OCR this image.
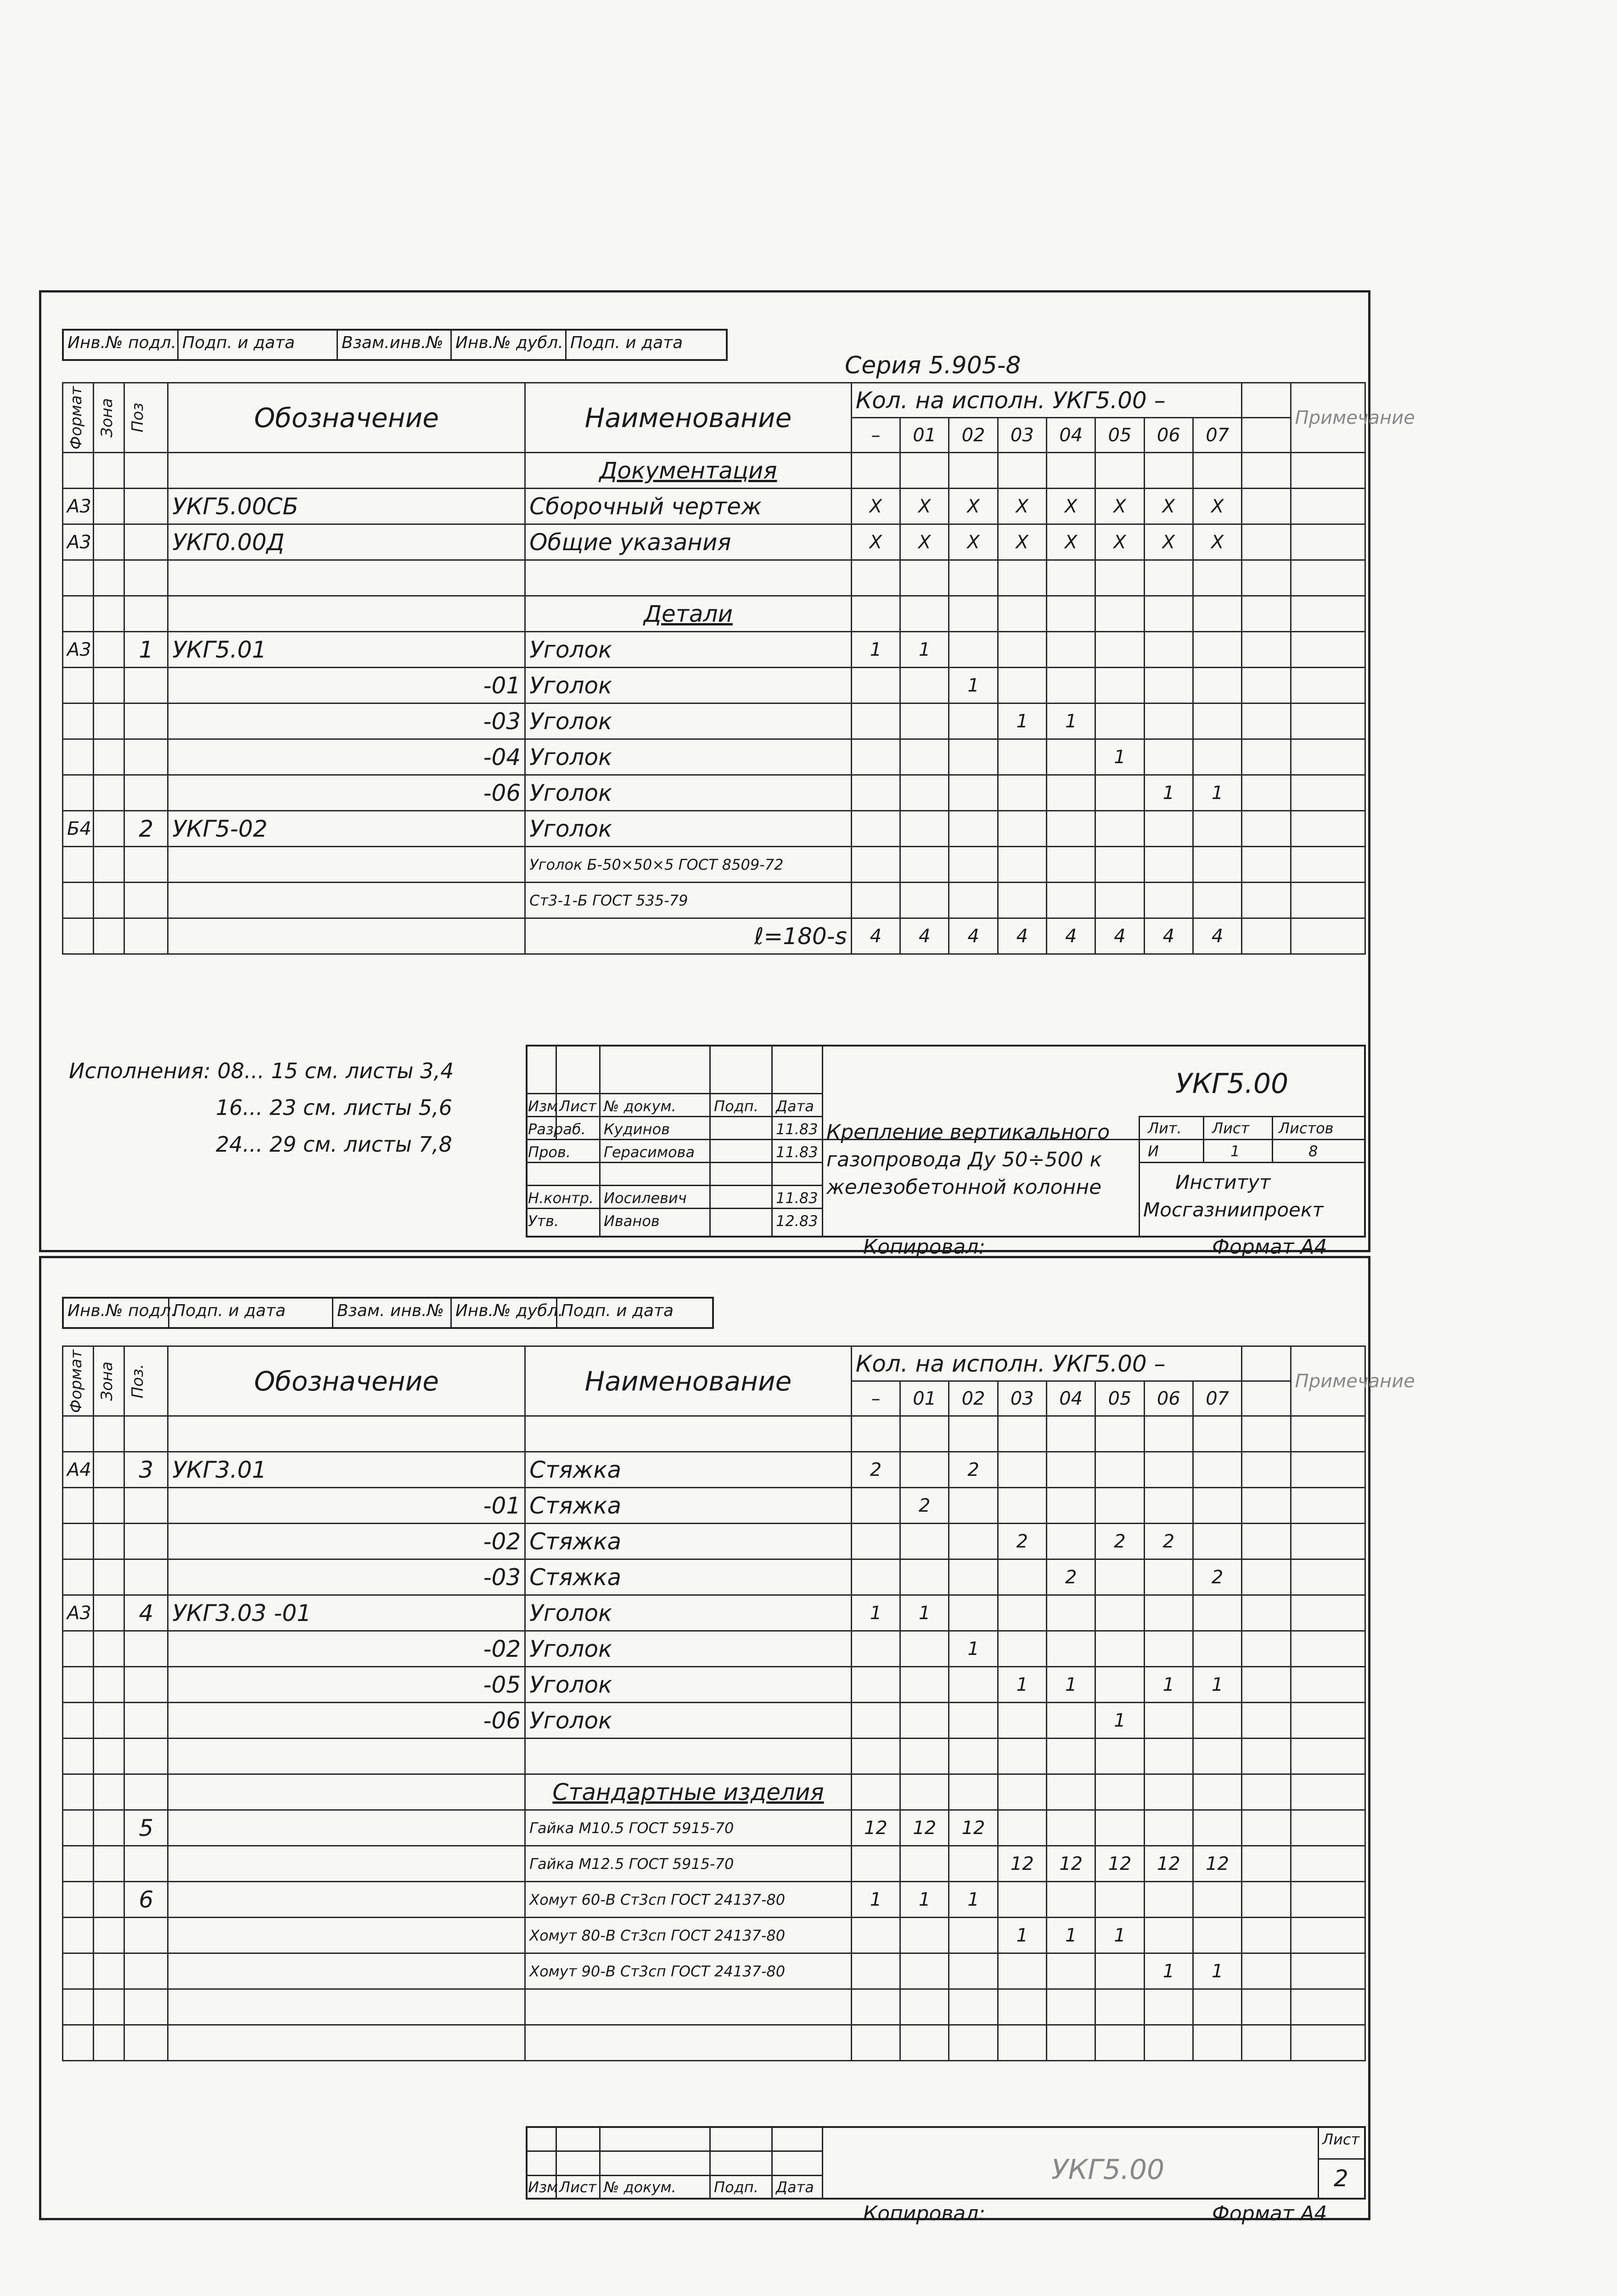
Инв.№ подл. Подп. и дата	Взам.инв.№ Инв.№ дубл. Подп. и дата
Серия 5.905-8
Формат	Зона	Поз	Обозначение	Наименование	Кол. на исполн. УКГ5.00 –									Примечание
					–	01	02	03	04	05	06	07		
				Документация										
А3			УКГ5.00СБ	Сборочный чертеж	X	X	X	X	X	X	X	X		
А3			УКГ0.00Д	Общие указания	X	X	X	X	X	X	X	X		

				Детали										
А3		1	УКГ5.01	Уголок	1	1								
			-01	Уголок			1							
			-03	Уголок				1	1					
			-04	Уголок						1				
			-06	Уголок							1	1		
Б4		2	УКГ5-02	Уголок										
				Уголок Б-50×50×5 ГОСТ 8509-72										
				Ст3-1-Б ГОСТ 535-79										
				ℓ=180-s	4	4	4	4	4	4	4	4		
Исполнения: 08... 15 см. листы 3,4
16... 23 см. листы 5,6
24... 29 см. листы 7,8
Изм Лист № докум.	Подп. Дата
Разраб. Кудинов	11.83
Пров. Герасимова	11.83
Н.контр. Иосилевич	11.83
Утв.	Иванов	12.83
УКГ5.00
Крепление вертикального
газопровода Ду 50÷500 к
железобетонной колонне
Лит. Лист Листов
И	1	8
Институт
Мосгазниипроект
Копировал:	Формат А4
Инв.№ подл.
Подп. и дата	Взам. инв.№ Инв.№ дубл.
Подп. и дата
Формат	Зона	Поз.	Обозначение	Наименование	Кол. на исполн. УКГ5.00 –									Примечание
					–	01	02	03	04	05	06	07		

А4		3	УКГ3.01	Стяжка	2		2							
			-01	Стяжка		2								
			-02	Стяжка				2		2	2			
			-03	Стяжка					2			2		
А3		4	УКГ3.03 -01	Уголок	1	1								
			-02	Уголок			1							
			-05	Уголок				1	1		1	1		
			-06	Уголок						1				

				Стандартные изделия										
		5		Гайка М10.5 ГОСТ 5915-70	12	12	12							
				Гайка М12.5 ГОСТ 5915-70				12	12	12	12	12		
		6		Хомут 60-В Ст3сп ГОСТ 24137-80	1	1	1							
				Хомут 80-В Ст3сп ГОСТ 24137-80				1	1	1				
				Хомут 90-В Ст3сп ГОСТ 24137-80							1	1		

Изм Лист № докум.	Подп. Дата
УКГ5.00
Лист
2
Копировал:	Формат А4
